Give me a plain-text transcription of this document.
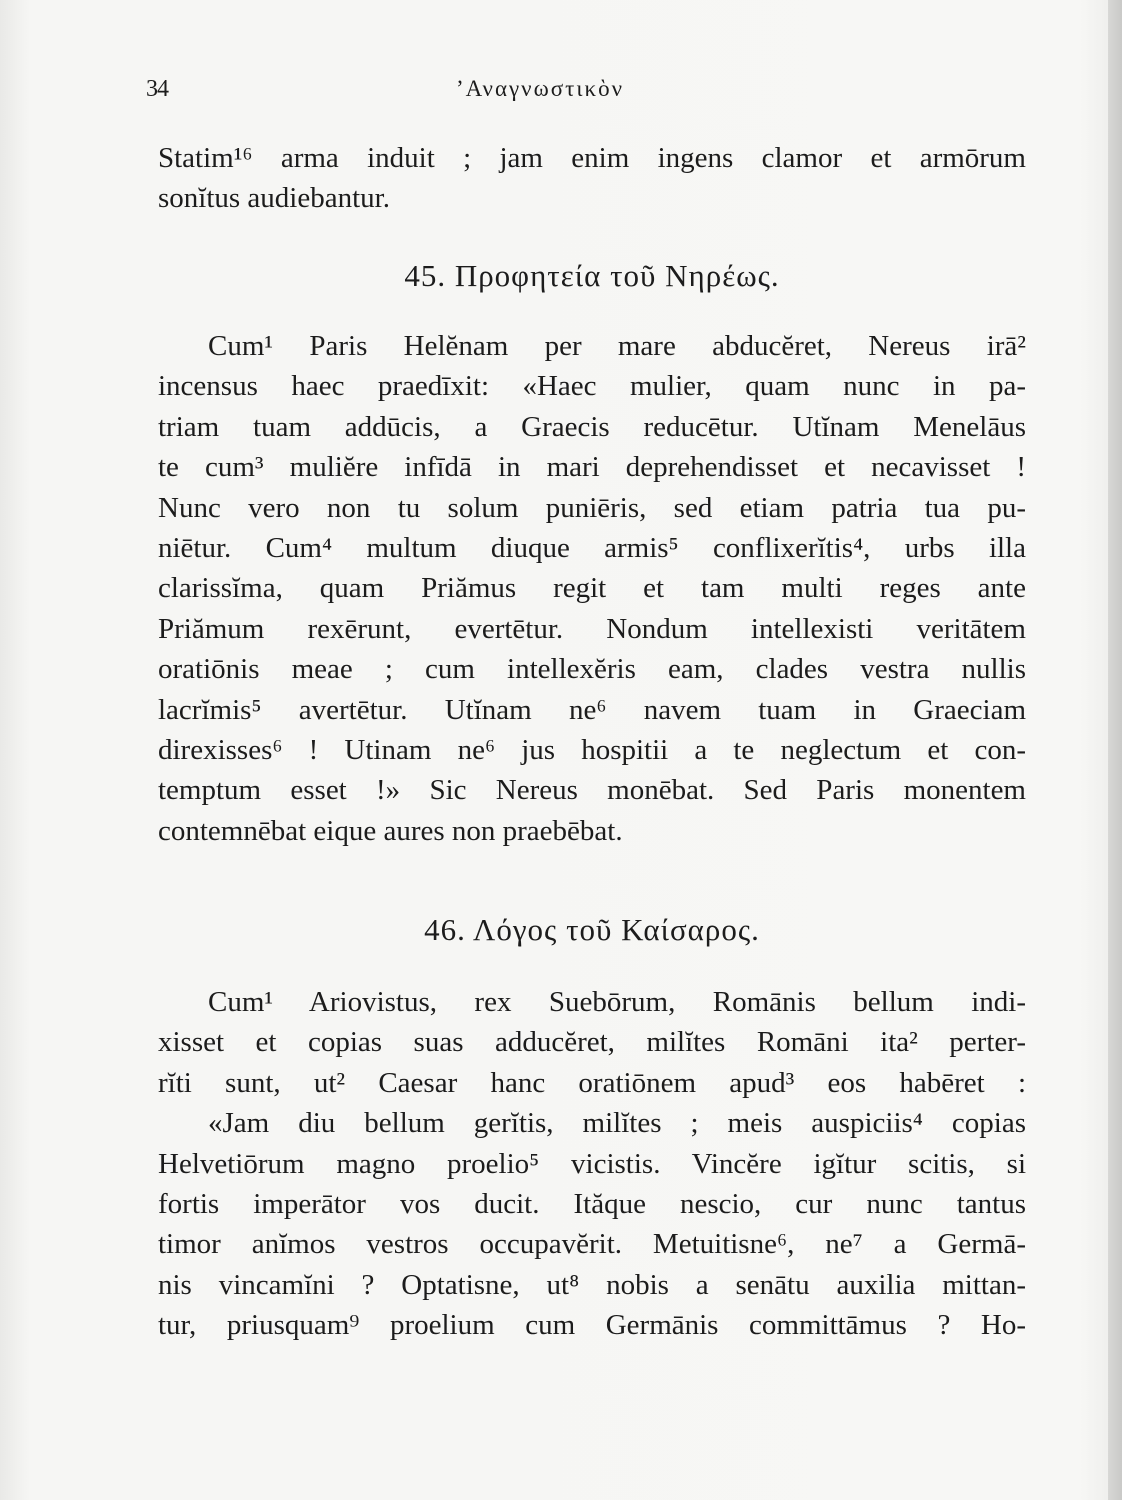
34	’Αναγνωστικὸν
Statim¹⁶ arma induit ; jam enim ingens clamor et armōrum
sonĭtus audiebantur.
45. Προφητεία τοῦ Νηρέως.
Cum¹ Paris Helĕnam per mare abducĕret, Nereus irā²
incensus haec praedīxit: «Haec mulier, quam nunc in pa-
triam tuam addūcis, a Graecis reducētur. Utĭnam Menelāus
te cum³ muliĕre infīdā in mari deprehendisset et necavisset !
Nunc vero non tu solum puniēris, sed etiam patria tua pu-
niētur. Cum⁴ multum diuque armis⁵ conflixerĭtis⁴, urbs illa
clarissĭma, quam Priămus regit et tam multi reges ante
Priămum rexērunt, evertētur. Nondum intellexisti veritātem
oratiōnis meae ; cum intellexĕris eam, clades vestra nullis
lacrĭmis⁵ avertētur. Utĭnam ne⁶ navem tuam in Graeciam
direxisses⁶ ! Utinam ne⁶ jus hospitii a te neglectum et con-
temptum esset !» Sic Nereus monēbat. Sed Paris monentem
contemnēbat eique aures non praebēbat.
46. Λόγος τοῦ Καίσαρος.
Cum¹ Ariovistus, rex Suebōrum, Romānis bellum indi-
xisset et copias suas adducĕret, milĭtes Romāni ita² perter-
rĭti sunt, ut² Caesar hanc oratiōnem apud³ eos habēret :
«Jam diu bellum gerĭtis, milĭtes ; meis auspiciis⁴ copias
Helvetiōrum magno proelio⁵ vicistis. Vincĕre igĭtur scitis, si
fortis imperātor vos ducit. Ităque nescio, cur nunc tantus
timor anĭmos vestros occupavĕrit. Metuitisne⁶, ne⁷ a Germā-
nis vincamĭni ? Optatisne, ut⁸ nobis a senātu auxilia mittan-
tur, priusquam⁹ proelium cum Germānis committāmus ? Ho-
